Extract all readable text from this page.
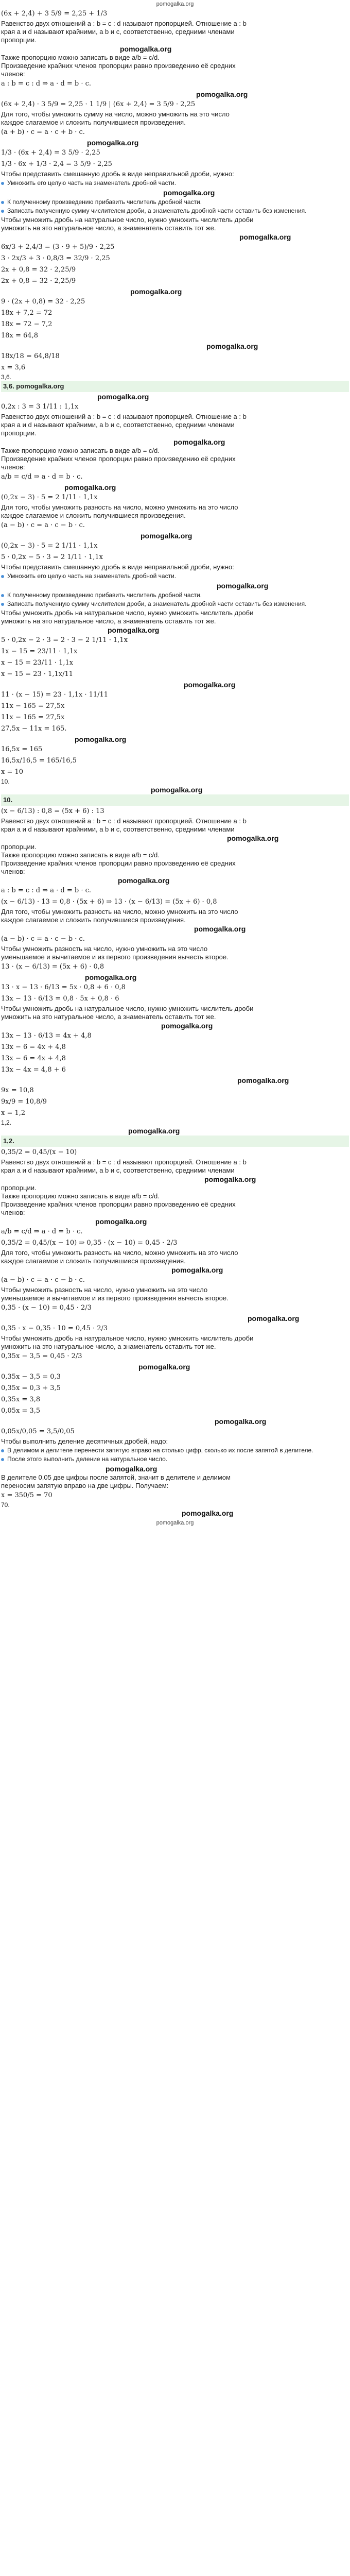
pomogalka.org

(6x + 2,4) + 3 5/9 = 2,25 + 1/3

Равенство двух отношений a : b = c : d называют пропорцией. Отношение a : b

края a и d называют крайними, а b и c, соответственно, средними членами

пропорции.

pomogalka.org

Также пропорцию можно записать в виде a/b = c/d.

Произведение крайних членов пропорции равно произведению её средних

членов:

a : b = c : d ⇒ a · d = b · c.

pomogalka.org

(6x + 2,4) · 3 5/9 = 2,25 · 1 1/9 | (6x + 2,4) = 3 5/9 · 2,25

Для того, чтобы умножить сумму на число, можно умножить на это число

каждое слагаемое и сложить получившиеся произведения.

(a + b) · c = a · c + b · c.

pomogalka.org

1/3 · (6x + 2,4) = 3 5/9 · 2,25

1/3 · 6x + 1/3 · 2,4 = 3 5/9 · 2,25

Чтобы представить смешанную дробь в виде неправильной дроби, нужно:

Умножить его целую часть на знаменатель дробной части.

pomogalka.org

К полученному произведению прибавить числитель дробной части.
Записать полученную сумму числителем дроби, а знаменатель дробной части оставить без изменения.

Чтобы умножить дробь на натуральное число, нужно умножить числитель дроби

умножить на это натуральное число, а знаменатель оставить тот же.

pomogalka.org

6x/3 + 2,4/3 = (3 · 9 + 5)/9 · 2,25

3 · 2x/3 + 3 · 0,8/3 = 32/9 · 2,25

2x + 0,8 = 32 · 2,25/9

2x + 0,8 = 32 · 2,25/9

pomogalka.org

9 · (2x + 0,8) = 32 · 2,25

18x + 7,2 = 72

18x = 72 − 7,2

18x = 64,8

pomogalka.org

18x/18 = 64,8/18

x = 3,6

3,6.

3,6. pomogalka.org

pomogalka.org

0,2x : 3 = 3 1/11 : 1,1x

Равенство двух отношений a : b = c : d называют пропорцией. Отношение a : b

края a и d называют крайними, а b и c, соответственно, средними членами

пропорции.

pomogalka.org

Также пропорцию можно записать в виде a/b = c/d.

Произведение крайних членов пропорции равно произведению её средних

членов:

a/b = c/d ⇒ a · d = b · c.

pomogalka.org

(0,2x − 3) · 5 = 2 1/11 · 1,1x

Для того, чтобы умножить разность на число, можно умножить на это число

каждое слагаемое и сложить получившиеся произведения.

(a − b) · c = a · c − b · c.

pomogalka.org

(0,2x − 3) · 5 = 2 1/11 · 1,1x

5 · 0,2x − 5 · 3 = 2 1/11 · 1,1x

Чтобы представить смешанную дробь в виде неправильной дроби, нужно:

Умножить его целую часть на знаменатель дробной части.

pomogalka.org

К полученному произведению прибавить числитель дробной части.
Записать полученную сумму числителем дроби, а знаменатель дробной части оставить без изменения.

Чтобы умножить дробь на натуральное число, нужно умножить числитель дроби

умножить на это натуральное число, а знаменатель оставить тот же.

pomogalka.org

5 · 0,2x − 2 · 3 = 2 · 3 − 2 1/11 · 1,1x

1x − 15 = 23/11 · 1,1x

x − 15 = 23/11 · 1,1x

x − 15 = 23 · 1,1x/11

pomogalka.org

11 · (x − 15) = 23 · 1,1x · 11/11

11x − 165 = 27,5x

11x − 165 = 27,5x

27,5x − 11x = 165.

pomogalka.org

16,5x = 165

16,5x/16,5 = 165/16,5

x = 10

10.

pomogalka.org

10.

(x − 6/13) : 0,8 = (5x + 6) : 13

Равенство двух отношений a : b = c : d называют пропорцией. Отношение a : b

края a и d называют крайними, а b и c, соответственно, средними членами

pomogalka.org

пропорции.

Также пропорцию можно записать в виде a/b = c/d.

Произведение крайних членов пропорции равно произведению её средних

членов:

pomogalka.org

a : b = c : d ⇒ a · d = b · c.

(x − 6/13) · 13 = 0,8 · (5x + 6) ⇒ 13 · (x − 6/13) = (5x + 6) · 0,8

Для того, чтобы умножить разность на число, можно умножить на это число

каждое слагаемое и сложить получившиеся произведения.

pomogalka.org

(a − b) · c = a · c − b · c.

Чтобы умножить разность на число, нужно умножить на это число

уменьшаемое и вычитаемое и из первого произведения вычесть второе.

13 · (x − 6/13) = (5x + 6) · 0,8

pomogalka.org

13 · x − 13 · 6/13 = 5x · 0,8 + 6 · 0,8

13x − 13 · 6/13 = 0,8 · 5x + 0,8 · 6

Чтобы умножить дробь на натуральное число, нужно умножить числитель дроби

умножить на это натуральное число, а знаменатель оставить тот же.

pomogalka.org

13x − 13 · 6/13 = 4x + 4,8

13x − 6 = 4x + 4,8

13x − 6 = 4x + 4,8

13x − 4x = 4,8 + 6

pomogalka.org

9x = 10,8

9x/9 = 10,8/9

x = 1,2

1,2.

pomogalka.org

1,2.

0,35/2 = 0,45/(x − 10)

Равенство двух отношений a : b = c : d называют пропорцией. Отношение a : b

края a и d называют крайними, а b и c, соответственно, средними членами

pomogalka.org

пропорции.

Также пропорцию можно записать в виде a/b = c/d.

Произведение крайних членов пропорции равно произведению её средних

членов:

pomogalka.org

a/b = c/d ⇒ a · d = b · c.

0,35/2 = 0,45/(x − 10) ⇒ 0,35 · (x − 10) = 0,45 · 2/3

Для того, чтобы умножить разность на число, можно умножить на это число

каждое слагаемое и сложить получившиеся произведения.

pomogalka.org

(a − b) · c = a · c − b · c.

Чтобы умножить разность на число, нужно умножить на это число

уменьшаемое и вычитаемое и из первого произведения вычесть второе.

0,35 · (x − 10) = 0,45 · 2/3

pomogalka.org

0,35 · x − 0,35 · 10 = 0,45 · 2/3

Чтобы умножить дробь на натуральное число, нужно умножить числитель дроби

умножить на это натуральное число, а знаменатель оставить тот же.

0,35x − 3,5 = 0,45 · 2/3

pomogalka.org

0,35x − 3,5 = 0,3

0,35x = 0,3 + 3,5

0,35x = 3,8

0,05x = 3,5

pomogalka.org

0,05x/0,05 = 3,5/0,05

Чтобы выполнить деление десятичных дробей, надо:

В делимом и делителе перенести запятую вправо на столько цифр, сколько их после запятой в делителе.
После этого выполнить деление на натуральное число.

pomogalka.org

В делителе 0,05 две цифры после запятой, значит в делителе и делимом

переносим запятую вправо на две цифры. Получаем:

x = 350/5 = 70

70.

pomogalka.org

pomogalka.org
